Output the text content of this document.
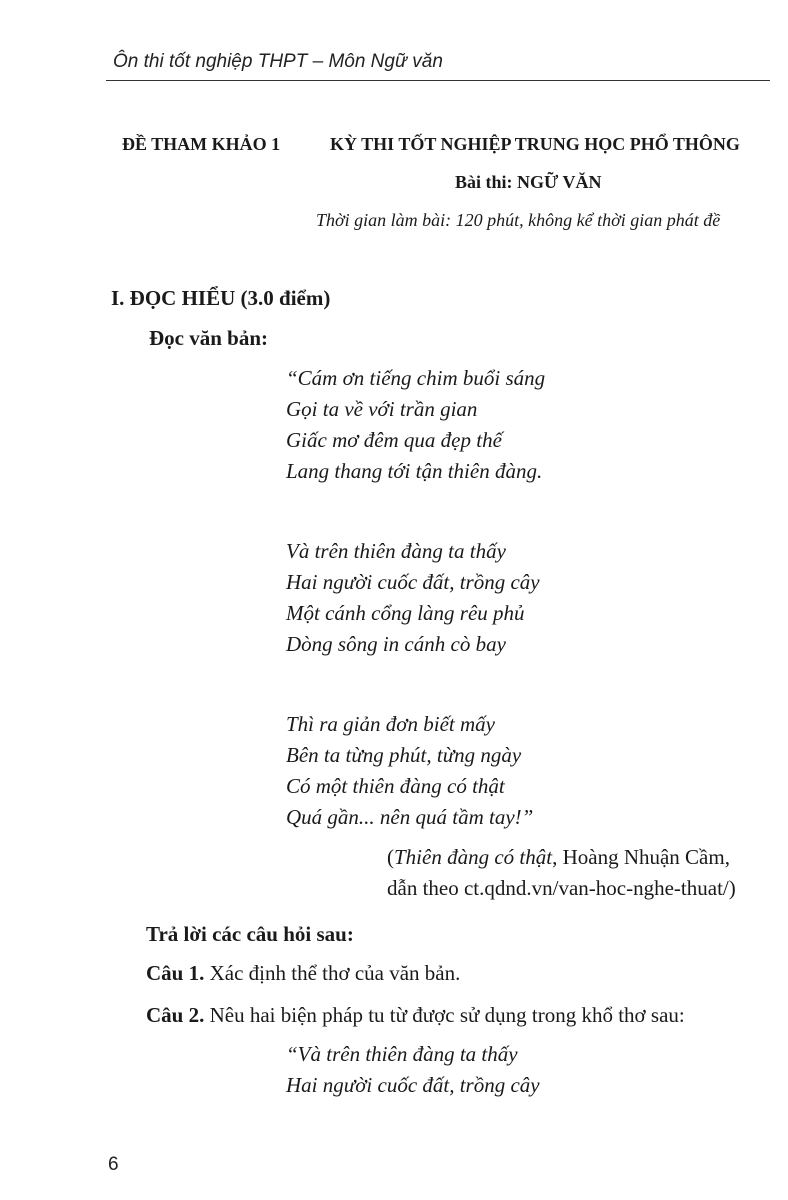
Ôn thi tốt nghiệp THPT – Môn Ngữ văn
ĐỀ THAM KHẢO 1	KỲ THI TỐT NGHIỆP TRUNG HỌC PHỔ THÔNG
Bài thi: NGỮ VĂN
Thời gian làm bài: 120 phút, không kể thời gian phát đề
I. ĐỌC HIỂU (3.0 điểm)
Đọc văn bản:
“Cám ơn tiếng chim buổi sáng
Gọi ta về với trần gian
Giấc mơ đêm qua đẹp thế
Lang thang tới tận thiên đàng.
Và trên thiên đàng ta thấy
Hai người cuốc đất, trồng cây
Một cánh cổng làng rêu phủ
Dòng sông in cánh cò bay
Thì ra giản đơn biết mấy
Bên ta từng phút, từng ngày
Có một thiên đàng có thật
Quá gần... nên quá tầm tay!”
(Thiên đàng có thật, Hoàng Nhuận Cầm,
dẫn theo ct.qdnd.vn/van-hoc-nghe-thuat/)
Trả lời các câu hỏi sau:
Câu 1. Xác định thể thơ của văn bản.
Câu 2. Nêu hai biện pháp tu từ được sử dụng trong khổ thơ sau:
“Và trên thiên đàng ta thấy
Hai người cuốc đất, trồng cây
6
